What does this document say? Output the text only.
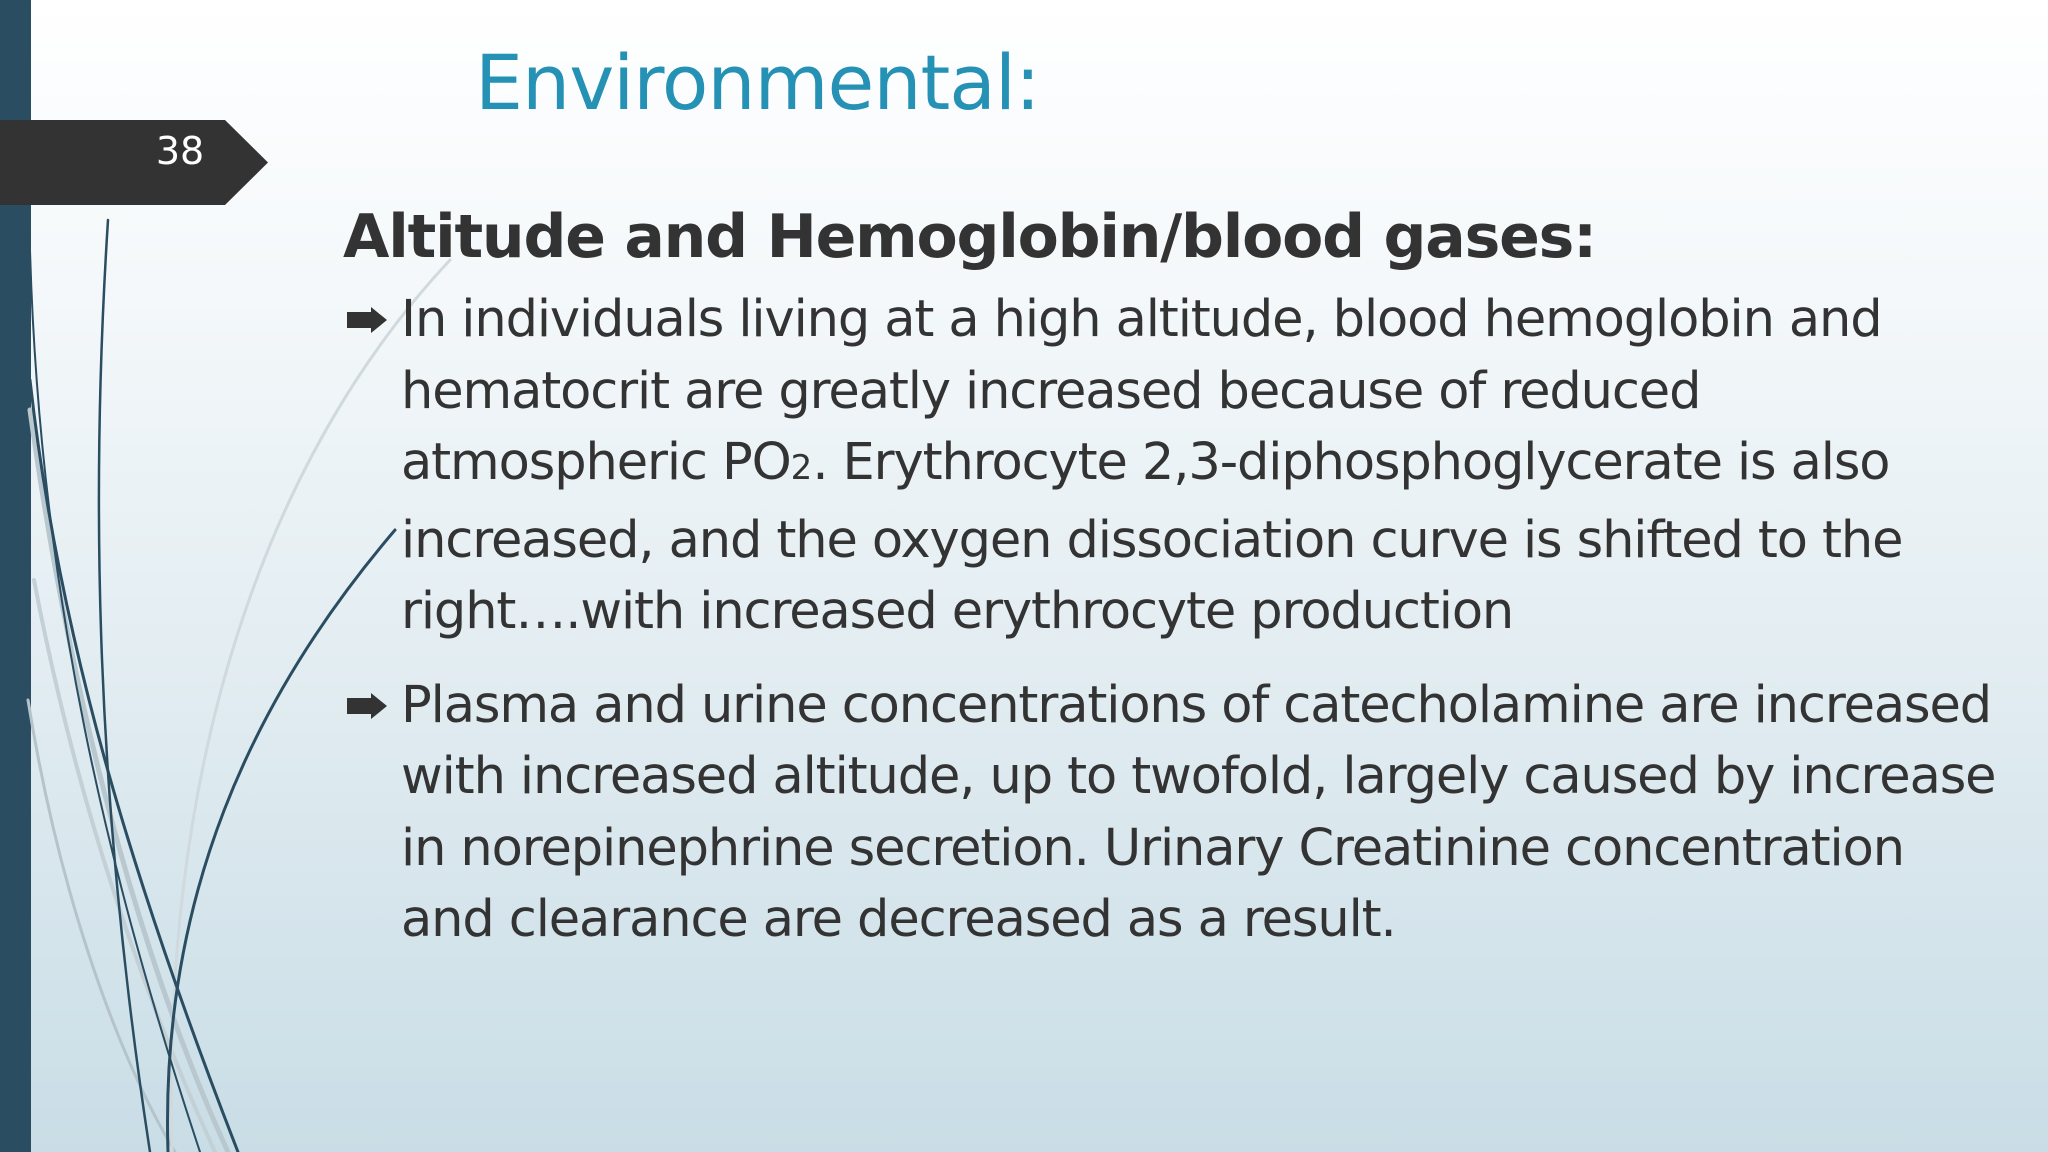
38
Environmental:
Altitude and Hemoglobin/blood gases:
In individuals living at a high altitude, blood hemoglobin and hematocrit are greatly increased because of reduced atmospheric PO2. Erythrocyte 2,3-diphosphoglycerate is also increased, and the oxygen dissociation curve is shifted to the right….with increased erythrocyte production
Plasma and urine concentrations of catecholamine are increased with increased altitude, up to twofold, largely caused by increase in norepinephrine secretion. Urinary Creatinine concentration and clearance are decreased as a result.
